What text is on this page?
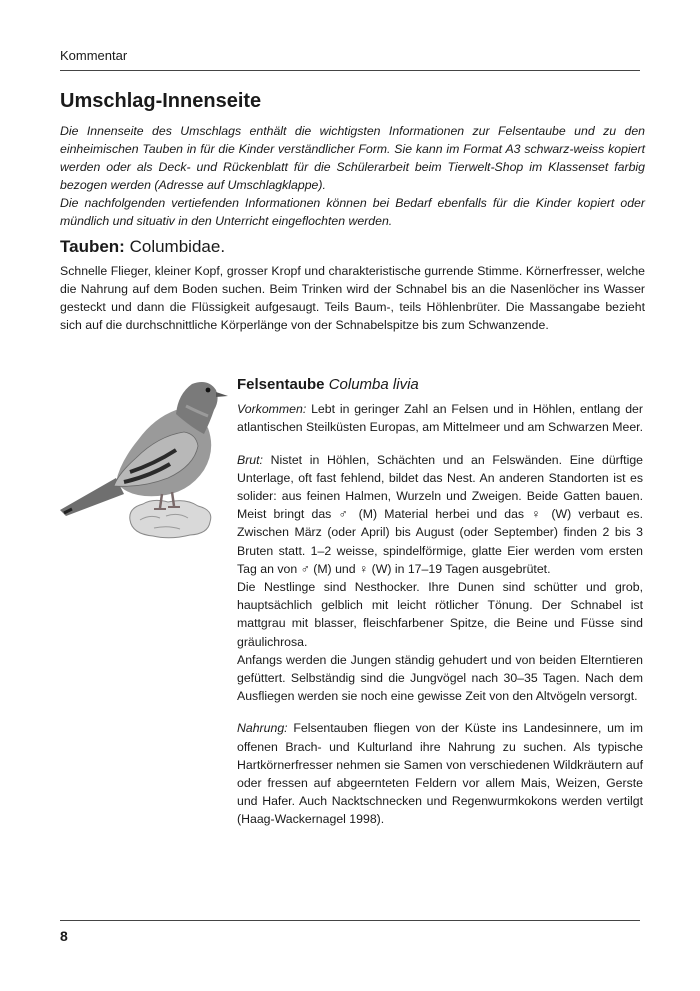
Kommentar
Umschlag-Innenseite

Die Innenseite des Umschlags enthält die wichtigsten Informationen zur Felsentaube und zu den einheimischen Tauben in für die Kinder verständlicher Form. Sie kann im Format A3 schwarz-weiss kopiert werden oder als Deck- und Rückenblatt für die Schülerarbeit beim Tierwelt-Shop im Klassenset farbig bezogen werden (Adresse auf Umschlagklappe).

Die nachfolgenden vertiefenden Informationen können bei Bedarf ebenfalls für die Kinder kopiert oder mündlich und situativ in den Unterricht eingeflochten werden.

Tauben: Columbidae.

Schnelle Flieger, kleiner Kopf, grosser Kropf und charakteristische gurrende Stimme. Körnerfresser, welche die Nahrung auf dem Boden suchen. Beim Trinken wird der Schnabel bis an die Nasenlöcher ins Wasser gesteckt und dann die Flüssigkeit aufgesaugt. Teils Baum-, teils Höhlenbrüter. Die Massangabe bezieht sich auf die durchschnittliche Körperlänge von der Schnabelspitze bis zum Schwanzende.

Felsentaube Columba livia

Vorkommen: Lebt in geringer Zahl an Felsen und in Höhlen, entlang der atlantischen Steilküsten Europas, am Mittelmeer und am Schwarzen Meer.

Brut: Nistet in Höhlen, Schächten und an Felswänden. Eine dürftige Unterlage, oft fast fehlend, bildet das Nest. An anderen Standorten ist es solider: aus feinen Halmen, Wurzeln und Zweigen. Beide Gatten bauen. Meist bringt das ♂ (M) Material herbei und das ♀ (W) verbaut es. Zwischen März (oder April) bis August (oder September) finden 2 bis 3 Bruten statt. 1–2 weisse, spindelförmige, glatte Eier werden vom ersten Tag an von ♂ (M) und ♀ (W) in 17–19 Tagen ausgebrütet.

Die Nestlinge sind Nesthocker. Ihre Dunen sind schütter und grob, hauptsächlich gelblich mit leicht rötlicher Tönung. Der Schnabel ist mattgrau mit blasser, fleischfarbener Spitze, die Beine und Füsse sind gräulichrosa.

Anfangs werden die Jungen ständig gehudert und von beiden Elterntieren gefüttert. Selbständig sind die Jungvögel nach 30–35 Tagen. Nach dem Ausfliegen werden sie noch eine gewisse Zeit von den Altvögeln versorgt.

Nahrung: Felsentauben fliegen von der Küste ins Landesinnere, um im offenen Brach- und Kulturland ihre Nahrung zu suchen. Als typische Hartkörnerfresser nehmen sie Samen von verschiedenen Wildkräutern auf oder fressen auf abgeernteten Feldern vor allem Mais, Weizen, Gerste und Hafer. Auch Nacktschnecken und Regenwurmkokons werden vertilgt (Haag-Wackernagel 1998).

8
